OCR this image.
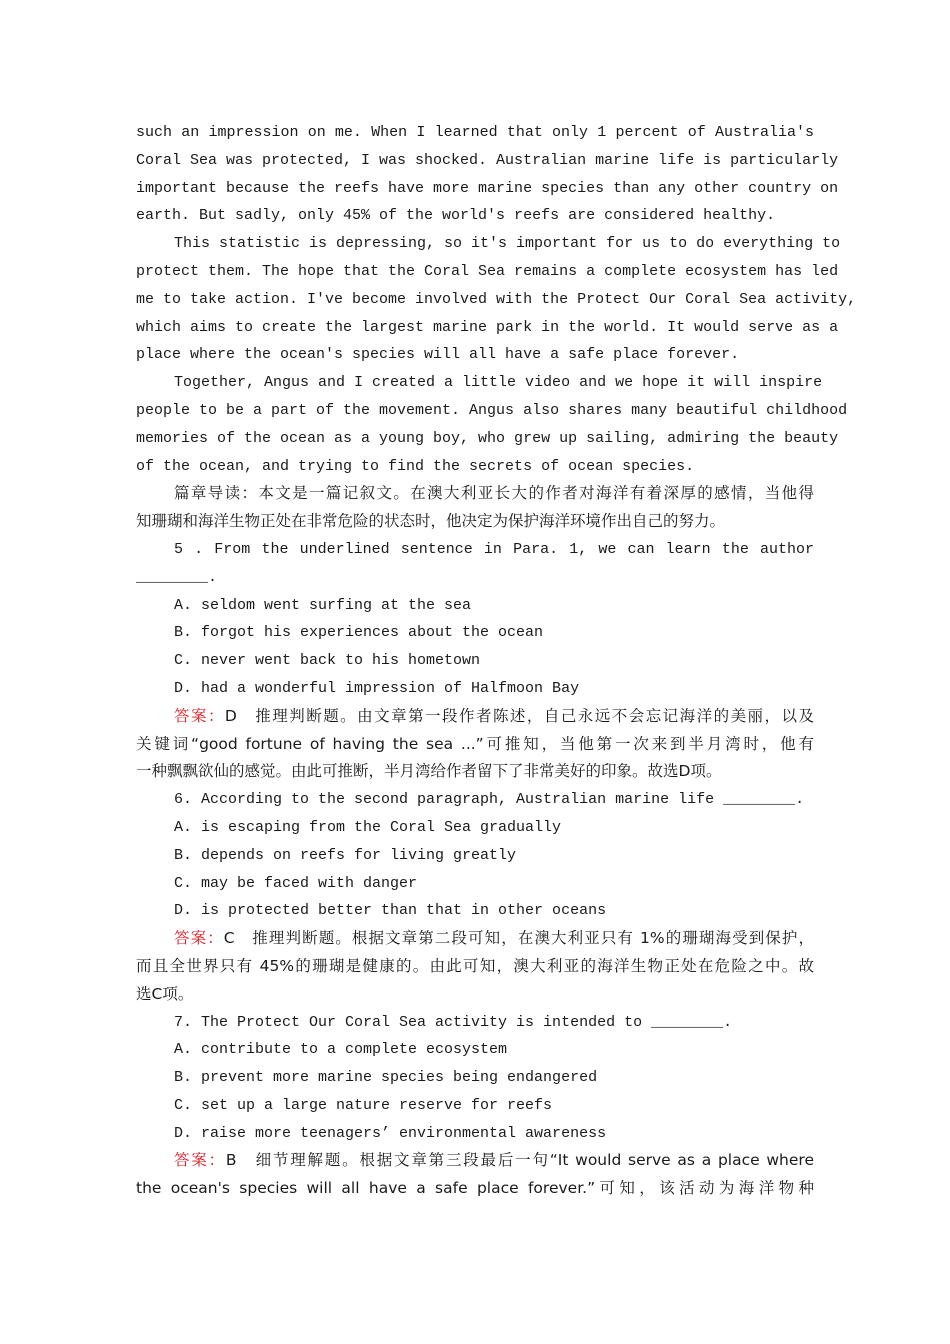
such an impression on me. When I learned that only 1 percent of Australia's
Coral Sea was protected, I was shocked. Australian marine life is particularly
important because the reefs have more marine species than any other country on
earth. But sadly, only 45% of the world's reefs are considered healthy.
This statistic is depressing, so it's important for us to do everything to
protect them. The hope that the Coral Sea remains a complete ecosystem has led
me to take action. I've become involved with the Protect Our Coral Sea activity,
which aims to create the largest marine park in the world. It would serve as a
place where the ocean's species will all have a safe place forever.
Together, Angus and I created a little video and we hope it will inspire
people to be a part of the movement. Angus also shares many beautiful childhood
memories of the ocean as a young boy, who grew up sailing, admiring the beauty
of the ocean, and trying to find the secrets of ocean species.
篇章导读：本文是一篇记叙文。在澳大利亚长大的作者对海洋有着深厚的感情，当他得
知珊瑚和海洋生物正处在非常危险的状态时，他决定为保护海洋环境作出自己的努力。
5 . From the underlined sentence in Para. 1, we can learn the author
________.
A. seldom went surfing at the sea
B. forgot his experiences about the ocean
C. never went back to his hometown
D. had a wonderful impression of Halfmoon Bay
答案：D　推理判断题。由文章第一段作者陈述，自己永远不会忘记海洋的美丽，以及
关键词“good fortune of having the sea ...”可推知，当他第一次来到半月湾时，他有
一种飘飘欲仙的感觉。由此可推断，半月湾给作者留下了非常美好的印象。故选D项。
6. According to the second paragraph, Australian marine life ________.
A. is escaping from the Coral Sea gradually
B. depends on reefs for living greatly
C. may be faced with danger
D. is protected better than that in other oceans
答案：C　推理判断题。根据文章第二段可知，在澳大利亚只有 1%的珊瑚海受到保护，
而且全世界只有 45%的珊瑚是健康的。由此可知，澳大利亚的海洋生物正处在危险之中。故
选C项。
7. The Protect Our Coral Sea activity is intended to ________.
A. contribute to a complete ecosystem
B. prevent more marine species being endangered
C. set up a large nature reserve for reefs
D. raise more teenagers’ environmental awareness
答案：B　细节理解题。根据文章第三段最后一句“It would serve as a place where
the ocean's species will all have a safe place forever.”可知，该活动为海洋物种
